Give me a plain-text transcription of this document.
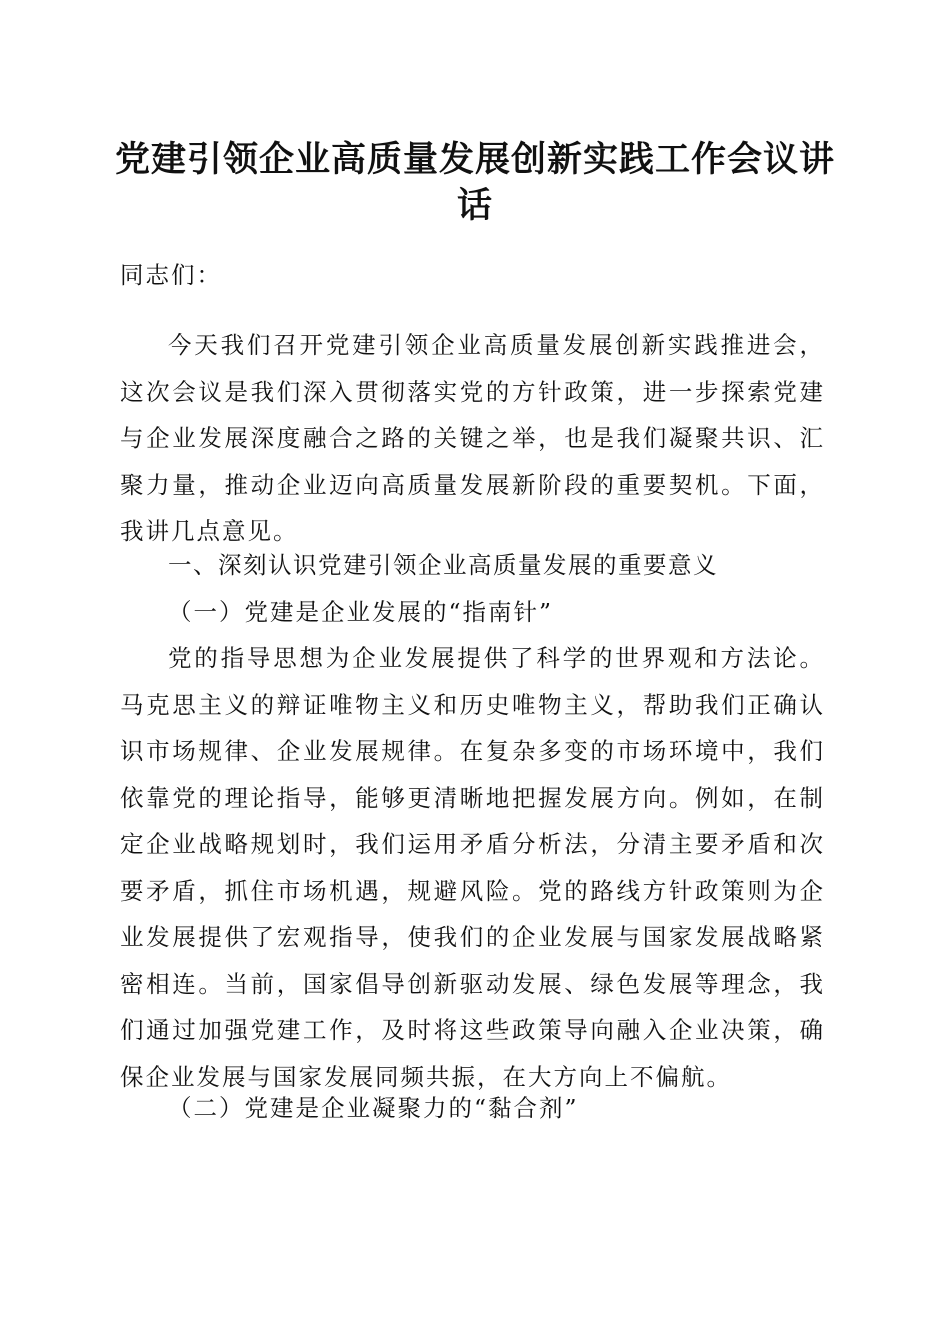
党建引领企业高质量发展创新实践工作会议讲
话

同志们：

今天我们召开党建引领企业高质量发展创新实践推进会，这次会议是我们深入贯彻落实党的方针政策，进一步探索党建与企业发展深度融合之路的关键之举，也是我们凝聚共识、汇聚力量，推动企业迈向高质量发展新阶段的重要契机。下面，我讲几点意见。

一、深刻认识党建引领企业高质量发展的重要意义

（一）党建是企业发展的“指南针”

党的指导思想为企业发展提供了科学的世界观和方法论。马克思主义的辩证唯物主义和历史唯物主义，帮助我们正确认识市场规律、企业发展规律。在复杂多变的市场环境中，我们依靠党的理论指导，能够更清晰地把握发展方向。例如，在制定企业战略规划时，我们运用矛盾分析法，分清主要矛盾和次要矛盾，抓住市场机遇，规避风险。党的路线方针政策则为企业发展提供了宏观指导，使我们的企业发展与国家发展战略紧密相连。当前，国家倡导创新驱动发展、绿色发展等理念，我们通过加强党建工作，及时将这些政策导向融入企业决策，确保企业发展与国家发展同频共振，在大方向上不偏航。

（二）党建是企业凝聚力的“黏合剂”
